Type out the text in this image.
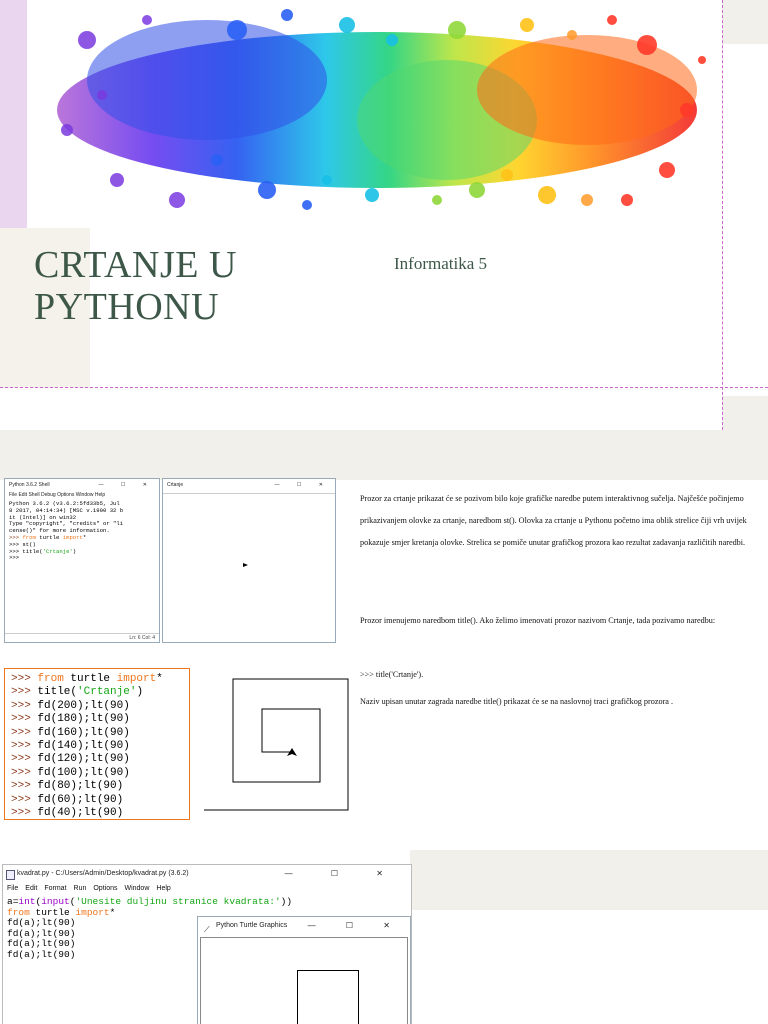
CRTANJE U PYTHONU
Informatika 5
Python 3.6.2 Shell	— ☐ ✕
File Edit Shell Debug Options Window Help
Python 3.6.2 (v3.6.2:5fd33b5, Jul
8 2017, 04:14:34) [MSC v.1900 32 b
it (Intel)] on win32
Type "copyright", "credits" or "li
cense()" for more information.
>>> from turtle import*
>>> st()
>>> title('Crtanje')
>>>
Ln: 6 Col: 4
Crtanje	— ☐ ✕
Prozor za crtanje prikazat će se pozivom bilo koje grafičke naredbe putem interaktivnog sučelja. Najčešće počinjemo prikazivanjem olovke za crtanje, naredbom st(). Olovka za crtanje u Pythonu početno ima oblik strelice čiji vrh uvijek pokazuje smjer kretanja olovke. Strelica se pomiče unutar grafičkog prozora kao rezultat zadavanja različitih naredbi.
Prozor imenujemo naredbom title(). Ako želimo imenovati prozor nazivom Crtanje, tada pozivamo naredbu:
>>> title('Crtanje').
Naziv upisan unutar zagrada naredbe title() prikazat će se na naslovnoj traci grafičkog prozora .
>>> from turtle import*
>>> title('Crtanje')
>>> fd(200);lt(90)
>>> fd(180);lt(90)
>>> fd(160);lt(90)
>>> fd(140);lt(90)
>>> fd(120);lt(90)
>>> fd(100);lt(90)
>>> fd(80);lt(90)
>>> fd(60);lt(90)
>>> fd(40);lt(90)
kvadrat.py - C:/Users/Admin/Desktop/kvadrat.py (3.6.2)	— ☐ ✕
File Edit Format Run Options Window Help
a=int(input('Unesite duljinu stranice kvadrata:'))
from turtle import*
fd(a);lt(90)
fd(a);lt(90)
fd(a);lt(90)
fd(a);lt(90)
⟋ Python Turtle Graphics	— ☐ ✕
